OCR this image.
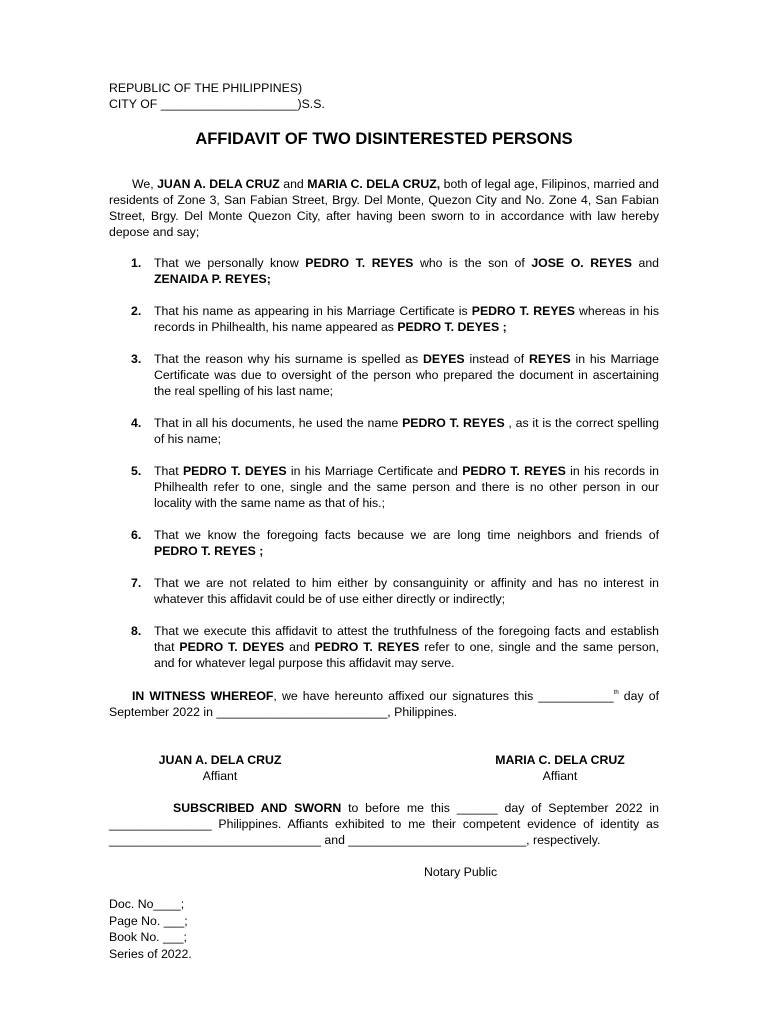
REPUBLIC OF THE PHILIPPINES)
CITY OF ____________________)S.S.
AFFIDAVIT OF TWO DISINTERESTED PERSONS
We, JUAN A. DELA CRUZ and MARIA C. DELA CRUZ, both of legal age, Filipinos, married and residents of Zone 3, San Fabian Street, Brgy. Del Monte, Quezon City and No. Zone 4, San Fabian Street, Brgy. Del Monte Quezon City, after having been sworn to in accordance with law hereby depose and say;
1. That we personally know PEDRO T. REYES who is the son of JOSE O. REYES and ZENAIDA P. REYES;
2. That his name as appearing in his Marriage Certificate is PEDRO T. REYES whereas in his records in Philhealth, his name appeared as PEDRO T. DEYES ;
3. That the reason why his surname is spelled as DEYES instead of REYES in his Marriage Certificate was due to oversight of the person who prepared the document in ascertaining the real spelling of his last name;
4. That in all his documents, he used the name PEDRO T. REYES , as it is the correct spelling of his name;
5. That PEDRO T. DEYES in his Marriage Certificate and PEDRO T. REYES in his records in Philhealth refer to one, single and the same person and there is no other person in our locality with the same name as that of his.;
6. That we know the foregoing facts because we are long time neighbors and friends of PEDRO T. REYES ;
7. That we are not related to him either by consanguinity or affinity and has no interest in whatever this affidavit could be of use either directly or indirectly;
8. That we execute this affidavit to attest the truthfulness of the foregoing facts and establish that PEDRO T. DEYES and PEDRO T. REYES refer to one, single and the same person, and for whatever legal purpose this affidavit may serve.
IN WITNESS WHEREOF, we have hereunto affixed our signatures this ___________$^{th}$ day of September 2022 in _________________________, Philippines.
JUAN A. DELA CRUZ
Affiant
MARIA C. DELA CRUZ
Affiant
SUBSCRIBED AND SWORN to before me this ______ day of September 2022 in _______________ Philippines. Affiants exhibited to me their competent evidence of identity as _______________________________ and __________________________, respectively.
Notary Public
Doc. No____;
Page No. ___;
Book No. ___;
Series of 2022.
